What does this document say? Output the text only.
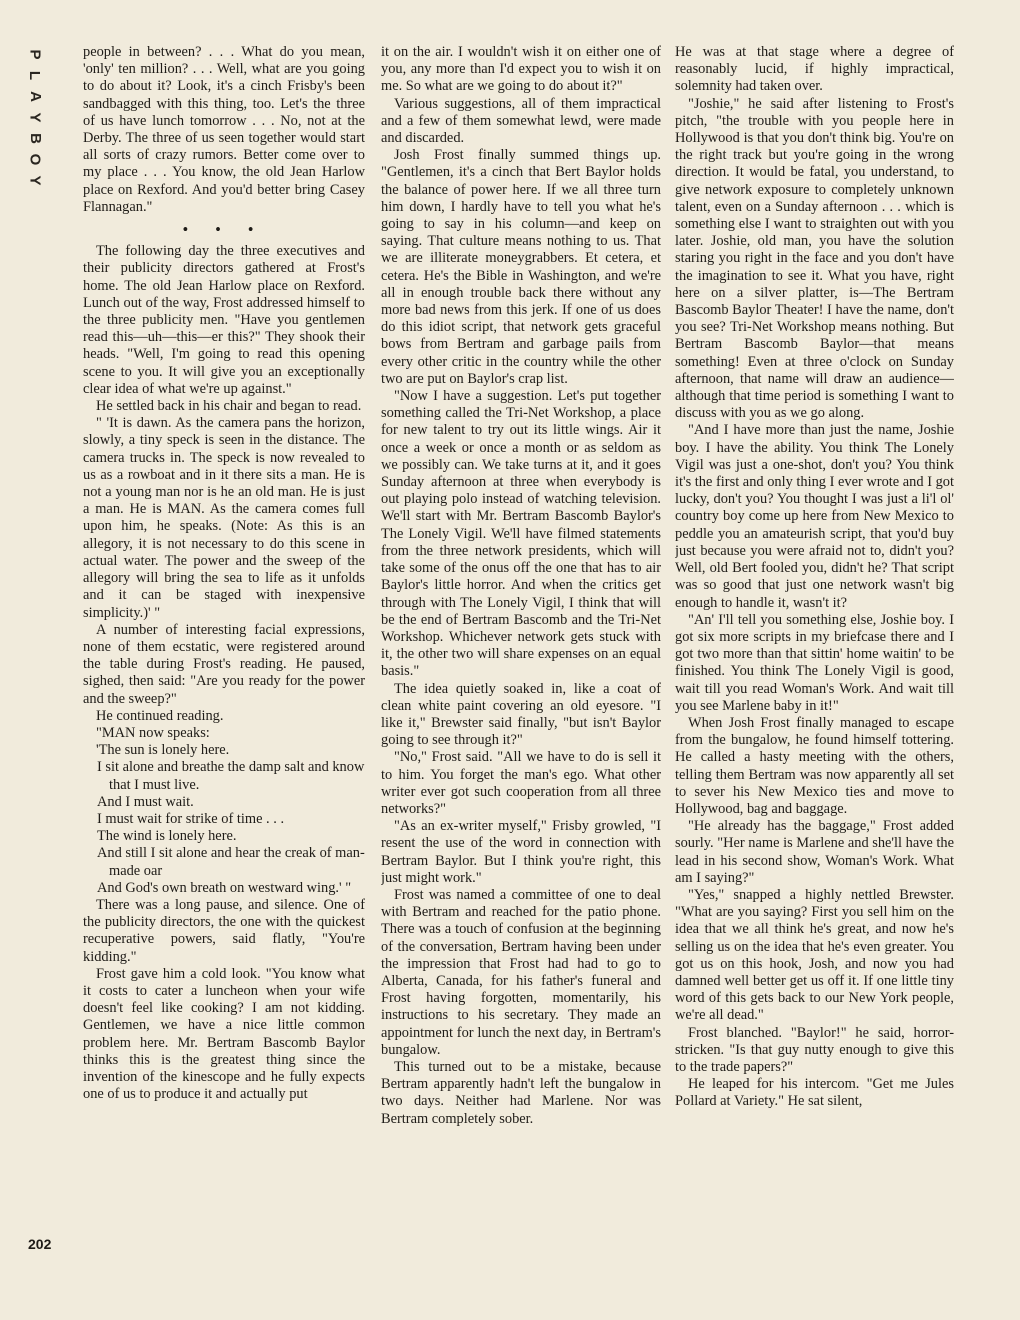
P
L
A
Y
B
O
Y

people in between? . . . What do you mean, 'only' ten million? . . . Well, what are you going to do about it? Look, it's a cinch Frisby's been sandbagged with this thing, too. Let's the three of us have lunch tomorrow . . . No, not at the Derby. The three of us seen together would start all sorts of crazy rumors. Better come over to my place . . . You know, the old Jean Harlow place on Rexford. And you'd better bring Casey Flannagan."

• • •

The following day the three executives and their publicity directors gathered at Frost's home. The old Jean Harlow place on Rexford. Lunch out of the way, Frost addressed himself to the three publicity men. "Have you gentlemen read this—uh—this—er this?" They shook their heads. "Well, I'm going to read this opening scene to you. It will give you an exceptionally clear idea of what we're up against."

He settled back in his chair and began to read.

" 'It is dawn. As the camera pans the horizon, slowly, a tiny speck is seen in the distance. The camera trucks in. The speck is now revealed to us as a rowboat and in it there sits a man. He is not a young man nor is he an old man. He is just a man. He is MAN. As the camera comes full upon him, he speaks. (Note: As this is an allegory, it is not necessary to do this scene in actual water. The power and the sweep of the allegory will bring the sea to life as it unfolds and it can be staged with inexpensive simplicity.)' "

A number of interesting facial expressions, none of them ecstatic, were registered around the table during Frost's reading. He paused, sighed, then said: "Are you ready for the power and the sweep?"

He continued reading.

"MAN now speaks:

'The sun is lonely here.

I sit alone and breathe the damp salt and know that I must live.

And I must wait.

I must wait for strike of time . . .

The wind is lonely here.

And still I sit alone and hear the creak of man-made oar

And God's own breath on westward wing.' "

There was a long pause, and silence. One of the publicity directors, the one with the quickest recuperative powers, said flatly, "You're kidding."

Frost gave him a cold look. "You know what it costs to cater a luncheon when your wife doesn't feel like cooking? I am not kidding. Gentlemen, we have a nice little common problem here. Mr. Bertram Bascomb Baylor thinks this is the greatest thing since the invention of the kinescope and he fully expects one of us to produce it and actually put

it on the air. I wouldn't wish it on either one of you, any more than I'd expect you to wish it on me. So what are we going to do about it?"

Various suggestions, all of them impractical and a few of them somewhat lewd, were made and discarded.

Josh Frost finally summed things up. "Gentlemen, it's a cinch that Bert Baylor holds the balance of power here. If we all three turn him down, I hardly have to tell you what he's going to say in his column—and keep on saying. That culture means nothing to us. That we are illiterate moneygrabbers. Et cetera, et cetera. He's the Bible in Washington, and we're all in enough trouble back there without any more bad news from this jerk. If one of us does do this idiot script, that network gets graceful bows from Bertram and garbage pails from every other critic in the country while the other two are put on Baylor's crap list.

"Now I have a suggestion. Let's put together something called the Tri-Net Workshop, a place for new talent to try out its little wings. Air it once a week or once a month or as seldom as we possibly can. We take turns at it, and it goes Sunday afternoon at three when everybody is out playing polo instead of watching television. We'll start with Mr. Bertram Bascomb Baylor's The Lonely Vigil. We'll have filmed statements from the three network presidents, which will take some of the onus off the one that has to air Baylor's little horror. And when the critics get through with The Lonely Vigil, I think that will be the end of Bertram Bascomb and the Tri-Net Workshop. Whichever network gets stuck with it, the other two will share expenses on an equal basis."

The idea quietly soaked in, like a coat of clean white paint covering an old eyesore. "I like it," Brewster said finally, "but isn't Baylor going to see through it?"

"No," Frost said. "All we have to do is sell it to him. You forget the man's ego. What other writer ever got such cooperation from all three networks?"

"As an ex-writer myself," Frisby growled, "I resent the use of the word in connection with Bertram Baylor. But I think you're right, this just might work."

Frost was named a committee of one to deal with Bertram and reached for the patio phone. There was a touch of confusion at the beginning of the conversation, Bertram having been under the impression that Frost had had to go to Alberta, Canada, for his father's funeral and Frost having forgotten, momentarily, his instructions to his secretary. They made an appointment for lunch the next day, in Bertram's bungalow.

This turned out to be a mistake, because Bertram apparently hadn't left the bungalow in two days. Neither had Marlene. Nor was Bertram completely sober.

He was at that stage where a degree of reasonably lucid, if highly impractical, solemnity had taken over.

"Joshie," he said after listening to Frost's pitch, "the trouble with you people here in Hollywood is that you don't think big. You're on the right track but you're going in the wrong direction. It would be fatal, you understand, to give network exposure to completely unknown talent, even on a Sunday afternoon . . . which is something else I want to straighten out with you later. Joshie, old man, you have the solution staring you right in the face and you don't have the imagination to see it. What you have, right here on a silver platter, is—The Bertram Bascomb Baylor Theater! I have the name, don't you see? Tri-Net Workshop means nothing. But Bertram Bascomb Baylor—that means something! Even at three o'clock on Sunday afternoon, that name will draw an audience—although that time period is something I want to discuss with you as we go along.

"And I have more than just the name, Joshie boy. I have the ability. You think The Lonely Vigil was just a one-shot, don't you? You think it's the first and only thing I ever wrote and I got lucky, don't you? You thought I was just a li'l ol' country boy come up here from New Mexico to peddle you an amateurish script, that you'd buy just because you were afraid not to, didn't you? Well, old Bert fooled you, didn't he? That script was so good that just one network wasn't big enough to handle it, wasn't it?

"An' I'll tell you something else, Joshie boy. I got six more scripts in my briefcase there and I got two more than that sittin' home waitin' to be finished. You think The Lonely Vigil is good, wait till you read Woman's Work. And wait till you see Marlene baby in it!"

When Josh Frost finally managed to escape from the bungalow, he found himself tottering. He called a hasty meeting with the others, telling them Bertram was now apparently all set to sever his New Mexico ties and move to Hollywood, bag and baggage.

"He already has the baggage," Frost added sourly. "Her name is Marlene and she'll have the lead in his second show, Woman's Work. What am I saying?"

"Yes," snapped a highly nettled Brewster. "What are you saying? First you sell him on the idea that we all think he's great, and now he's selling us on the idea that he's even greater. You got us on this hook, Josh, and now you had damned well better get us off it. If one little tiny word of this gets back to our New York people, we're all dead."

Frost blanched. "Baylor!" he said, horror-stricken. "Is that guy nutty enough to give this to the trade papers?"

He leaped for his intercom. "Get me Jules Pollard at Variety." He sat silent,

202
